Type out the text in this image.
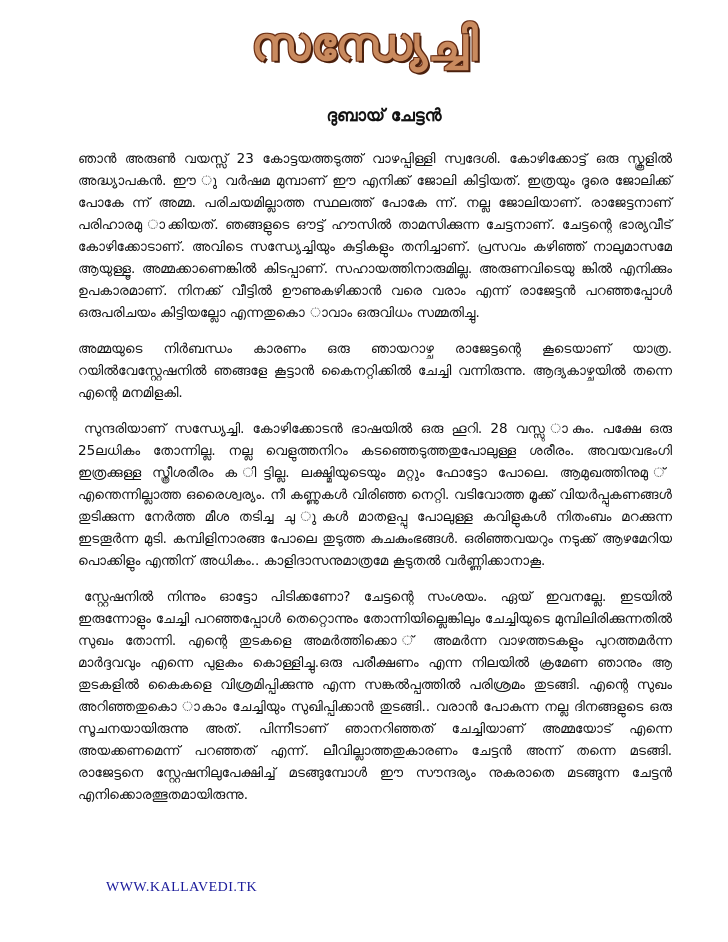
സന്ധ്യേച്ചി
ദുബായ് ചേട്ടൻ

ഞാൻ അരുൺ വയസ്സ് 23 കോട്ടയത്തടുത്ത് വാഴപ്പിള്ളി സ്വദേശി. കോഴിക്കോട്ട് ഒരു സ്കൂളിൽ അദ്ധ്യാപകൻ. ഈ ു വർഷമ മുമ്പാണ് ഈ എനിക്ക് ജോലി കിട്ടിയത്. ഇത്രയും ദൂരെ ജോലിക്ക് പോകേ ന്ന് അമ്മ. പരിചയമില്ലാത്ത സ്ഥലത്ത് പോകേ ന്ന്. നല്ല ജോലിയാണ്. രാജേട്ടനാണ് പരിഹാരമു ാക്കിയത്. ഞങ്ങളുടെ ഔട്ട് ഹൗസിൽ താമസിക്കുന്ന ചേട്ടനാണ്. ചേട്ടന്റെ ഭാര്യവീട് കോഴിക്കോടാണ്. അവിടെ സന്ധ്യേച്ചിയും കുട്ടികളും തനിച്ചാണ്. പ്രസവം കഴിഞ്ഞ് നാലുമാസമേ ആയുള്ളൂ. അമ്മക്കാണെങ്കിൽ കിടപ്പാണ്. സഹായത്തിനാരുമില്ല. അരുണവിടെയു ങ്കിൽ എനിക്കും ഉപകാരമാണ്. നിനക്ക് വീട്ടിൽ ഊണുകഴിക്കാൻ വരെ വരാം എന്ന് രാജേട്ടൻ പറഞ്ഞപ്പോൾ ഒരുപരിചയം കിട്ടിയല്ലോ എന്നതുകൊ ാവാം ഒരുവിധം സമ്മതിച്ചു.

അമ്മയുടെ നിർബന്ധം കാരണം ഒരു ഞായറാഴ്ച രാജേട്ടന്റെ കൂടെയാണ് യാത്ര. റയിൽവേസ്റ്റേഷനിൽ ഞങ്ങളേ കൂട്ടാൻ കൈനറ്റിക്കിൽ ചേച്ചി വന്നിരുന്നു. ആദ്യകാഴ്ചയിൽ തന്നെ എന്റെ മനമിളകി.

സുന്ദരിയാണ് സന്ധ്യേച്ചി. കോഴിക്കോടൻ ഭാഷയിൽ ഒരു ഹൂറി. 28 വസ്സു ാകും. പക്ഷേ ഒരു 25ലധികം തോന്നില്ല. നല്ല വെളുത്തനിറം കടഞ്ഞെടുത്തതുപോലുള്ള ശരീരം. അവയവഭംഗി ഇത്രക്കുള്ള സ്ത്രീശരീരം ക ിട്ടില്ല. ലക്ഷ്മിയുടെയും മറ്റും ഫോട്ടോ പോലെ. ആമുഖത്തിനുമു ് എന്തെന്നില്ലാത്ത ഒരൈശ്വര്യം. നീ കണ്ണുകൾ വിരിഞ്ഞ നെറ്റി. വടിവോത്ത മൂക്ക് വിയർപ്പുകണങ്ങൾ തുടിക്കുന്ന നേർത്ത മീശ തടിച്ച ചു ുകൾ മാതളപ്പു പോലുള്ള കവിളുകൾ നിതംബം മറക്കുന്ന ഇടതൂർന്ന മുടി. കമ്പിളിനാരങ്ങ പോലെ തുടുത്ത കുചകുംഭങ്ങൾ. ഒരിഞ്ഞവയറും നടുക്ക് ആഴമേറിയ പൊക്കിളും എന്തിന് അധികം.. കാളിദാസനുമാത്രമേ കൂടുതൽ വർണ്ണിക്കാനാകൂ.

സ്റ്റേഷനിൽ നിന്നും ഓട്ടോ പിടിക്കണോ? ചേട്ടന്റെ സംശയം. ഏയ് ഇവനല്ലേ. ഇടയിൽ ഇരുന്നോളും ചേച്ചി പറഞ്ഞപ്പോൾ തെറ്റൊന്നും തോന്നിയില്ലെങ്കിലും ചേച്ചിയുടെ മുമ്പിലിരിക്കുന്നതിൽ സുഖം തോന്നി. എന്റെ തുടകളെ അമർത്തിക്കൊ ് അമർന്ന വാഴത്തടകളും പുറത്തമർന്ന മാർദ്ദവവും എന്നെ പുളകം കൊള്ളിച്ചു.ഒരു പരീക്ഷണം എന്ന നിലയിൽ ക്രമേണ ഞാനും ആ തുടകളിൽ കൈകളെ വിശ്രമിപ്പിക്കുന്നു എന്ന സങ്കൽപ്പത്തിൽ പരിശ്രമം തുടങ്ങി. എന്റെ സുഖം അറിഞ്ഞതുകൊ ാകാം ചേച്ചിയും സുഖിപ്പിക്കാൻ തുടങ്ങി.. വരാൻ പോകുന്ന നല്ല ദിനങ്ങളുടെ ഒരു സൂചനയായിരുന്നു അത്. പിന്നീടാണ് ഞാനറിഞ്ഞത് ചേച്ചിയാണ് അമ്മയോട് എന്നെ അയക്കണമെന്ന് പറഞ്ഞത് എന്ന്. ലീവില്ലാത്തതുകാരണം ചേട്ടൻ അന്ന് തന്നെ മടങ്ങി. രാജേട്ടനെ സ്റ്റേഷനിലുപേക്ഷിച്ച് മടങ്ങുമ്പോൾ ഈ സൗന്ദര്യം നുകരാതെ മടങ്ങുന്ന ചേട്ടൻ എനിക്കൊരത്ഭുതമായിരുന്നു.

WWW.KALLAVEDI.TK
